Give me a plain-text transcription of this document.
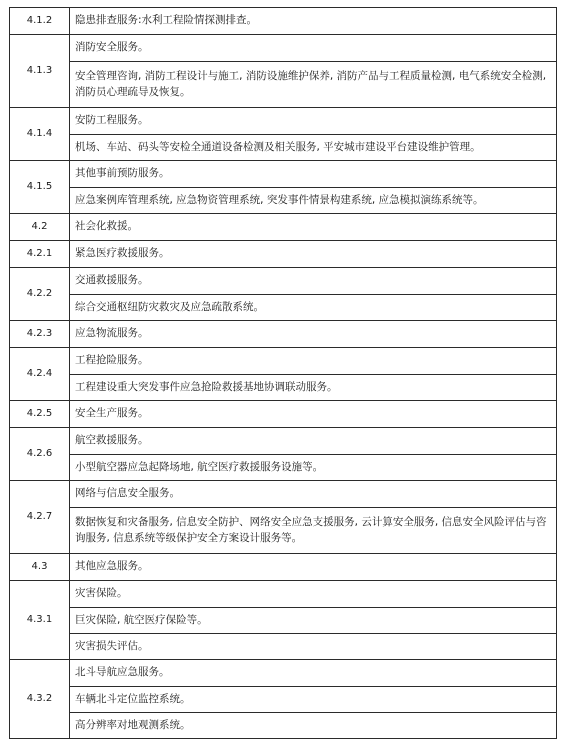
4.1.2	隐患排查服务:水利工程险情探测排查。

4.1.3	消防安全服务。
安全管理咨询, 消防工程设计与施工, 消防设施维护保养, 消防产品与工程质量检测, 电气系统安全检测, 消防员心理疏导及恢复。

4.1.4	安防工程服务。
机场、车站、码头等安检全通道设备检测及相关服务, 平安城市建设平台建设维护管理。

4.1.5	其他事前预防服务。
应急案例库管理系统, 应急物资管理系统, 突发事件情景构建系统, 应急模拟演练系统等。

4.2	社会化救援。

4.2.1	紧急医疗救援服务。

4.2.2	交通救援服务。
综合交通枢纽防灾救灾及应急疏散系统。

4.2.3	应急物流服务。

4.2.4	工程抢险服务。
工程建设重大突发事件应急抢险救援基地协调联动服务。

4.2.5	安全生产服务。

4.2.6	航空救援服务。
小型航空器应急起降场地, 航空医疗救援服务设施等。

4.2.7	网络与信息安全服务。
数据恢复和灾备服务, 信息安全防护、网络安全应急支援服务, 云计算安全服务, 信息安全风险评估与咨询服务, 信息系统等级保护安全方案设计服务等。

4.3	其他应急服务。

4.3.1	灾害保险。
巨灾保险, 航空医疗保险等。
灾害损失评估。

4.3.2	北斗导航应急服务。
车辆北斗定位监控系统。
高分辨率对地观测系统。
